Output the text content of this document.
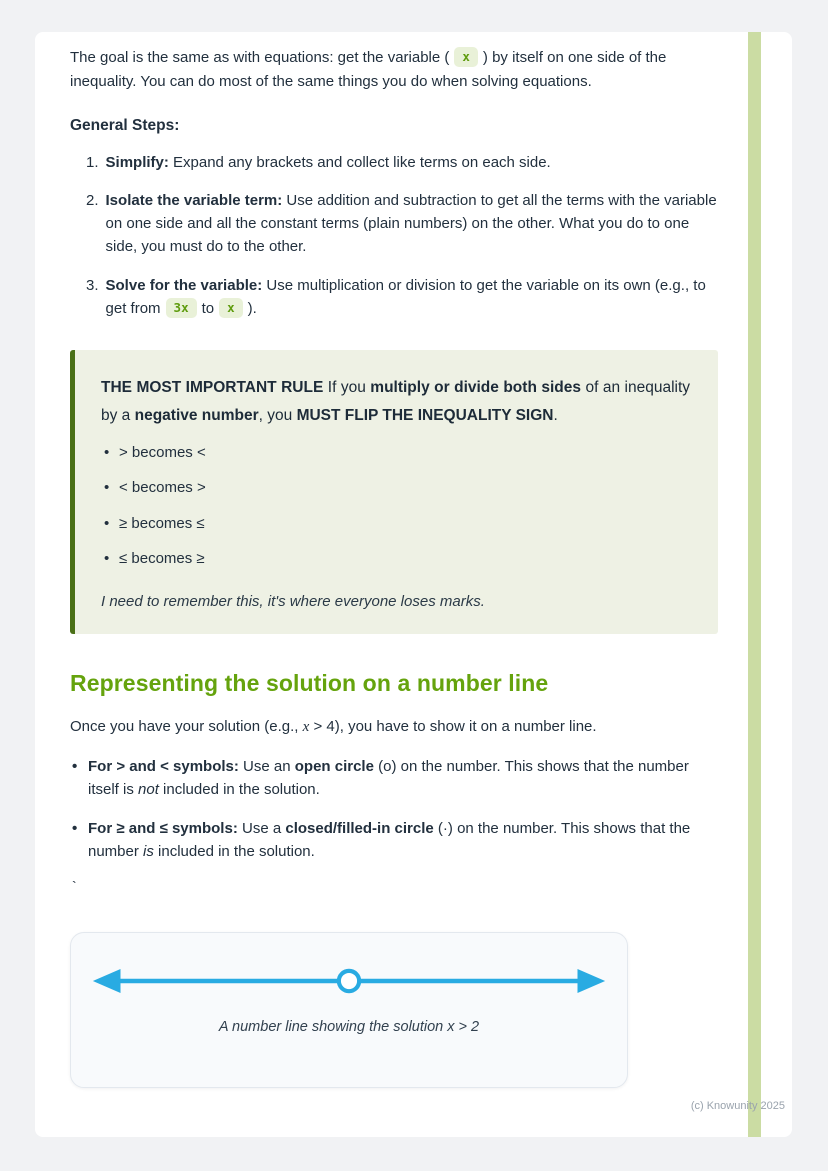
The goal is the same as with equations: get the variable ( x ) by itself on one side of the inequality. You can do most of the same things you do when solving equations.

General Steps:

1. Simplify: Expand any brackets and collect like terms on each side.
2. Isolate the variable term: Use addition and subtraction to get all the terms with the variable on one side and all the constant terms (plain numbers) on the other. What you do to one side, you must do to the other.
3. Solve for the variable: Use multiplication or division to get the variable on its own (e.g., to get from 3x to x ).

THE MOST IMPORTANT RULE If you multiply or divide both sides of an inequality by a negative number, you MUST FLIP THE INEQUALITY SIGN.

• > becomes <
• < becomes >
• ≥ becomes ≤
• ≤ becomes ≥

I need to remember this, it's where everyone loses marks.

Representing the solution on a number line

Once you have your solution (e.g., x > 4), you have to show it on a number line.

• For > and < symbols: Use an open circle (o) on the number. This shows that the number itself is not included in the solution.
• For ≥ and ≤ symbols: Use a closed/filled-in circle (·) on the number. This shows that the number is included in the solution.

`

A number line showing the solution x > 2
(c) Knowunity 2025
